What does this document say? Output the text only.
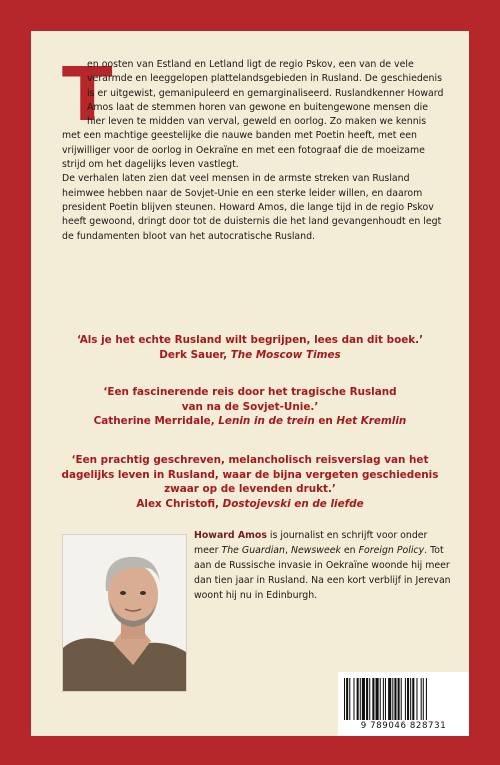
T

en oosten van Estland en Letland ligt de regio Pskov, een van de vele verarmde en leeggelopen plattelandsgebieden in Rusland. De geschiedenis is er uitgewist, gemanipuleerd en gemarginaliseerd. Ruslandkenner Howard Amos laat de stemmen horen van gewone en buitengewone mensen die hier leven te midden van verval, geweld en oorlog. Zo maken we kennis met een machtige geestelijke die nauwe banden met Poetin heeft, met een vrijwilliger voor de oorlog in Oekraïne en met een fotograaf die de moeizame strijd om het dagelijks leven vastlegt.

De verhalen laten zien dat veel mensen in de armste streken van Rusland heimwee hebben naar de Sovjet-Unie en een sterke leider willen, en daarom president Poetin blijven steunen. Howard Amos, die lange tijd in de regio Pskov heeft gewoond, dringt door tot de duisternis die het land gevangenhoudt en legt de fundamenten bloot van het autocratische Rusland.

‘Als je het echte Rusland wilt begrijpen, lees dan dit boek.’
Derk Sauer, The Moscow Times
‘Een fascinerende reis door het tragische Rusland van na de Sovjet-Unie.’
Catherine Merridale, Lenin in de trein en Het Kremlin
‘Een prachtig geschreven, melancholisch reisverslag van het dagelijks leven in Rusland, waar de bijna vergeten geschiedenis zwaar op de levenden drukt.’
Alex Christofi, Dostojevski en de liefde
Howard Amos is journalist en schrijft voor onder meer The Guardian, Newsweek en Foreign Policy. Tot aan de Russische invasie in Oekraïne woonde hij meer dan tien jaar in Rusland. Na een kort verblijf in Jerevan woont hij nu in Edinburgh.
9 789046 828731
